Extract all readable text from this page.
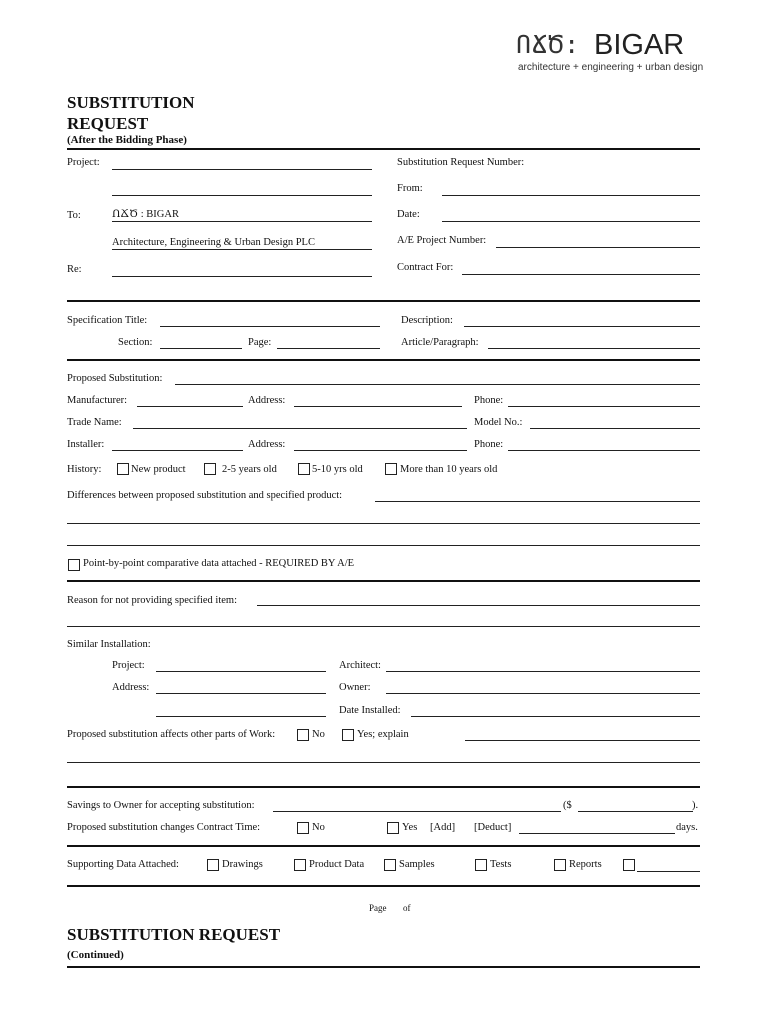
ՈՃԾ: BIGAR
architecture + engineering + urban design
SUBSTITUTION
REQUEST
(After the Bidding Phase)
Project:
To:	ՈՃԾ : BIGAR
Architecture, Engineering & Urban Design PLC
Re:
Substitution Request Number:
From:
Date:
A/E Project Number:
Contract For:
Specification Title:	Description:
Section:	Page:	Article/Paragraph:
Proposed Substitution:
Manufacturer:	Address:	Phone:
Trade Name:	Model No.:
Installer:	Address:	Phone:
History:	New product	2-5 years old	5-10 yrs old	More than 10 years old
Differences between proposed substitution and specified product:
Point-by-point comparative data attached - REQUIRED BY A/E
Reason for not providing specified item:
Similar Installation:
Project:	Architect:
Address:	Owner:
Date Installed:
Proposed substitution affects other parts of Work:	No	Yes; explain
Savings to Owner for accepting substitution:	($	).
Proposed substitution changes Contract Time:	No	Yes [Add] [Deduct]	days.
Supporting Data Attached:	Drawings	Product Data	Samples	Tests	Reports
Page of
SUBSTITUTION REQUEST
(Continued)
